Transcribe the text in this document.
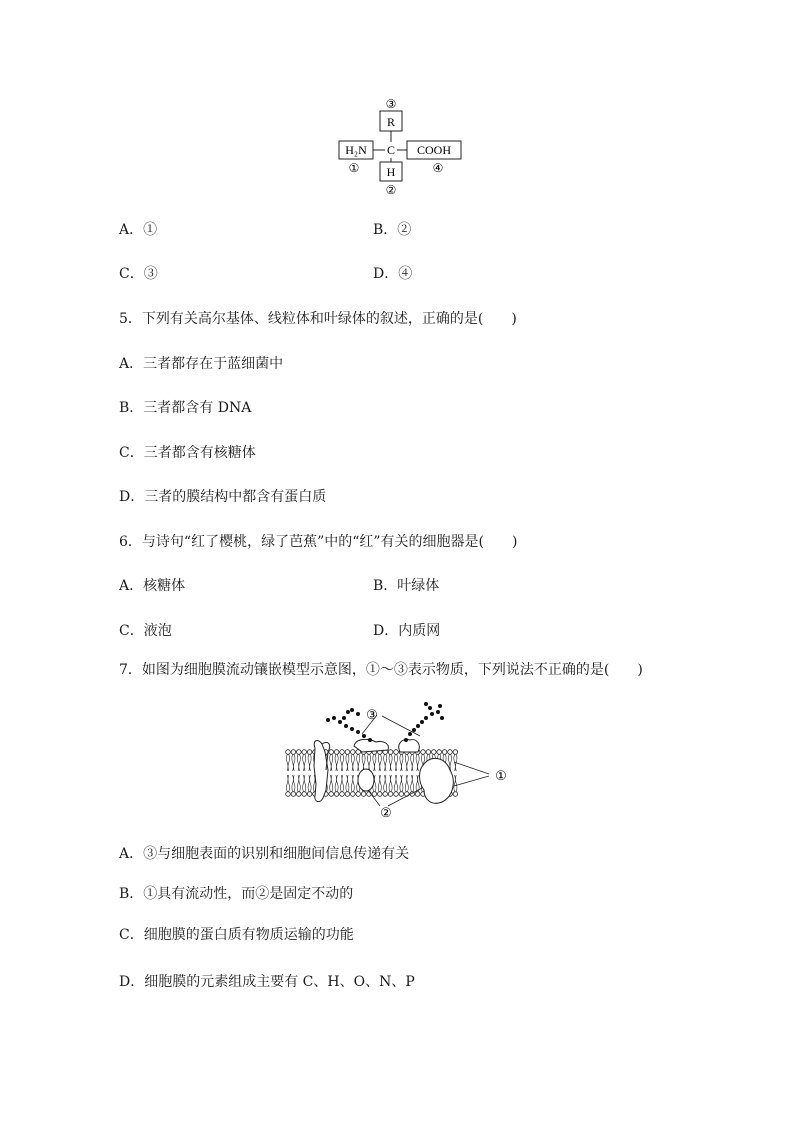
③
R
H₂N C COOH
H
①	④
②
A．①	B．②
C．③	D．④
5．下列有关高尔基体、线粒体和叶绿体的叙述，正确的是(　　)
A．三者都存在于蓝细菌中
B．三者都含有 DNA
C．三者都含有核糖体
D．三者的膜结构中都含有蛋白质
6．与诗句“红了樱桃，绿了芭蕉”中的“红”有关的细胞器是(　　)
A．核糖体	B．叶绿体
C．液泡	D．内质网
7．如图为细胞膜流动镶嵌模型示意图，①～③表示物质，下列说法不正确的是(　　)
③
①
②
A．③与细胞表面的识别和细胞间信息传递有关
B．①具有流动性，而②是固定不动的
C．细胞膜的蛋白质有物质运输的功能
D．细胞膜的元素组成主要有 C、H、O、N、P
